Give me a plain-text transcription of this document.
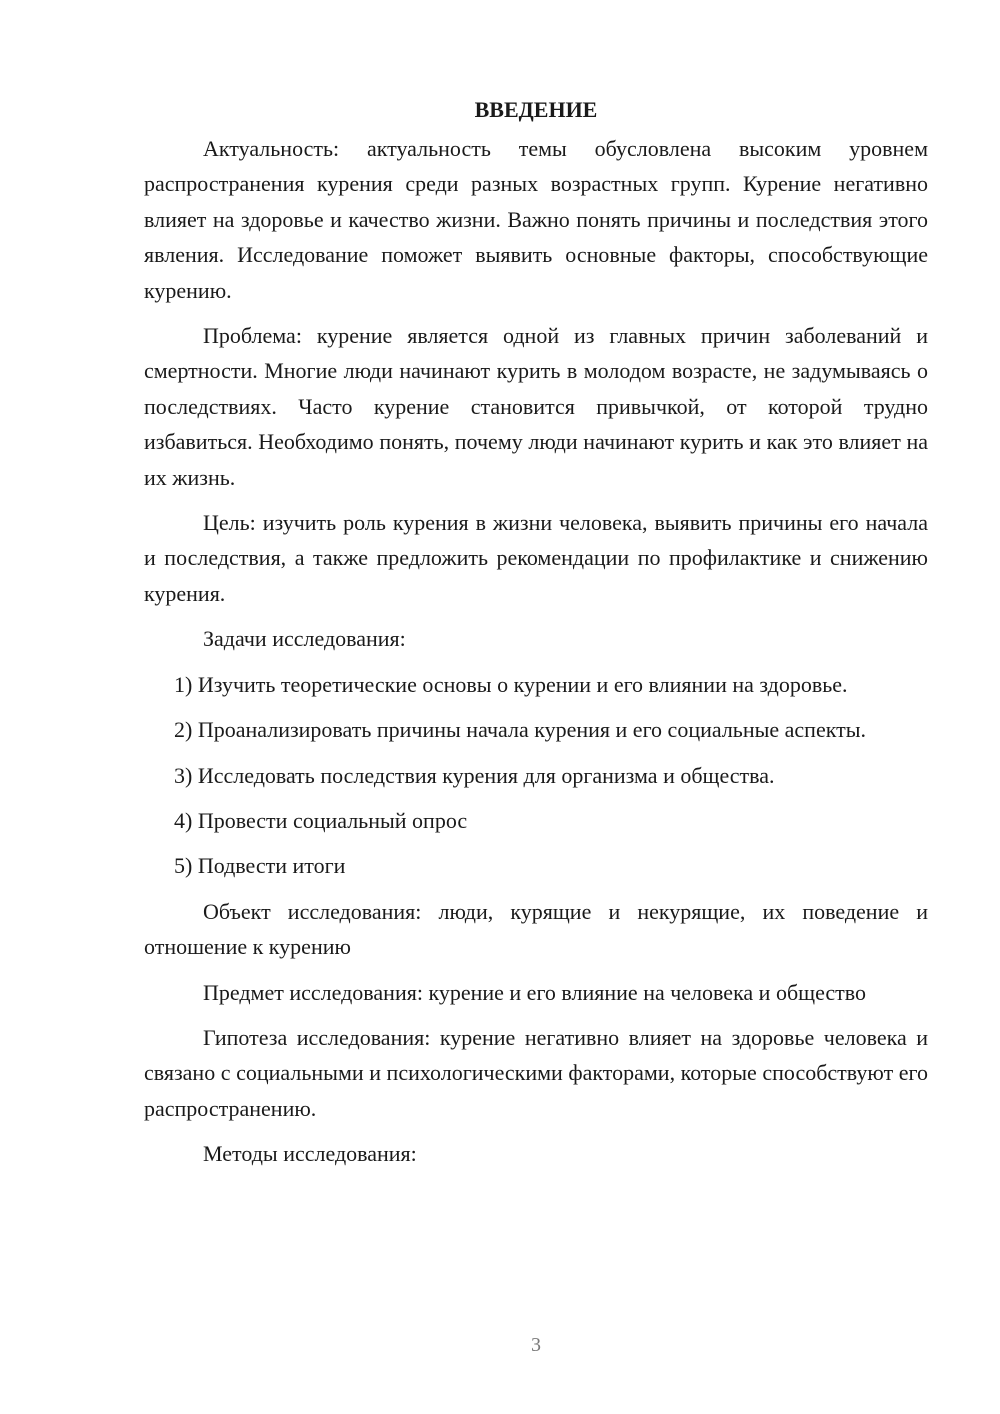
ВВЕДЕНИЕ

Актуальность: актуальность темы обусловлена высоким уровнем распространения курения среди разных возрастных групп. Курение негативно влияет на здоровье и качество жизни. Важно понять причины и последствия этого явления. Исследование поможет выявить основные факторы, способствующие курению.

Проблема: курение является одной из главных причин заболеваний и смертности. Многие люди начинают курить в молодом возрасте, не задумываясь о последствиях. Часто курение становится привычкой, от которой трудно избавиться. Необходимо понять, почему люди начинают курить и как это влияет на их жизнь.

Цель: изучить роль курения в жизни человека, выявить причины его начала и последствия, а также предложить рекомендации по профилактике и снижению курения.

Задачи исследования:

1) Изучить теоретические основы о курении и его влиянии на здоровье.

2) Проанализировать причины начала курения и его социальные аспекты.

3) Исследовать последствия курения для организма и общества.

4) Провести социальный опрос

5) Подвести итоги

Объект исследования: люди, курящие и некурящие, их поведение и отношение к курению

Предмет исследования: курение и его влияние на человека и общество

Гипотеза исследования: курение негативно влияет на здоровье человека и связано с социальными и психологическими факторами, которые способствуют его распространению.

Методы исследования:

3
